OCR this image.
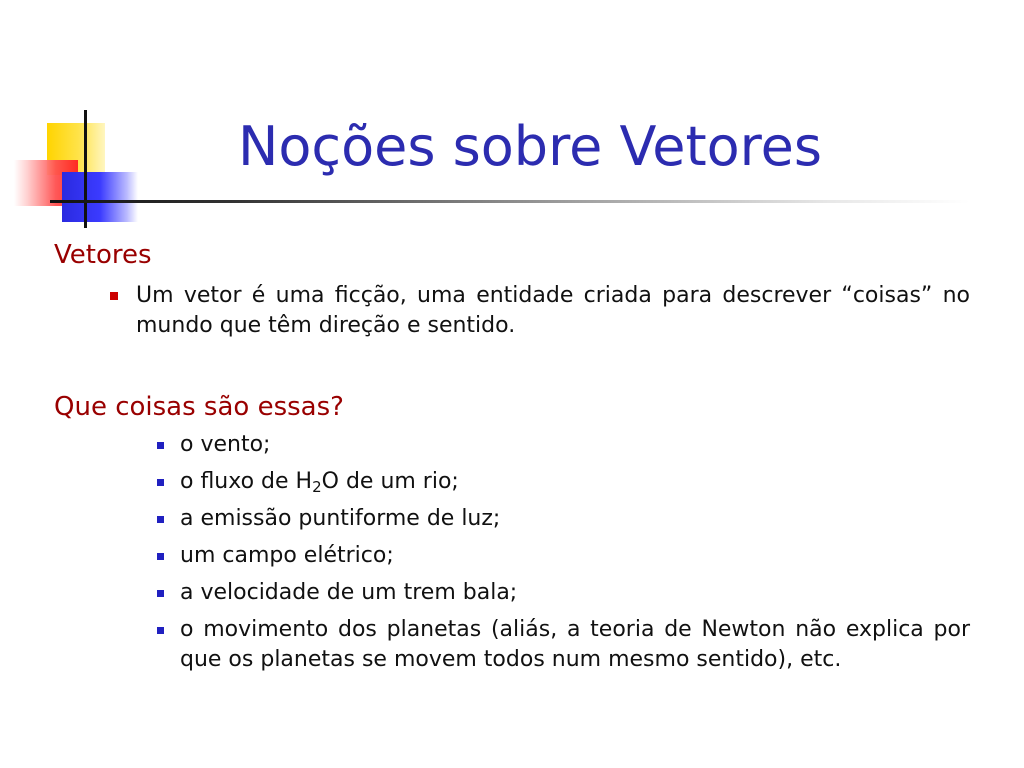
Noções sobre Vetores
Vetores
Um vetor é uma ficção, uma entidade criada para descrever “coisas” no mundo que têm direção e sentido.
Que coisas são essas?
o vento;
o fluxo de $H_2O$ de um rio;
a emissão puntiforme de luz;
um campo elétrico;
a velocidade de um trem bala;
o movimento dos planetas (aliás, a teoria de Newton não explica por que os planetas se movem todos num mesmo sentido), etc.
